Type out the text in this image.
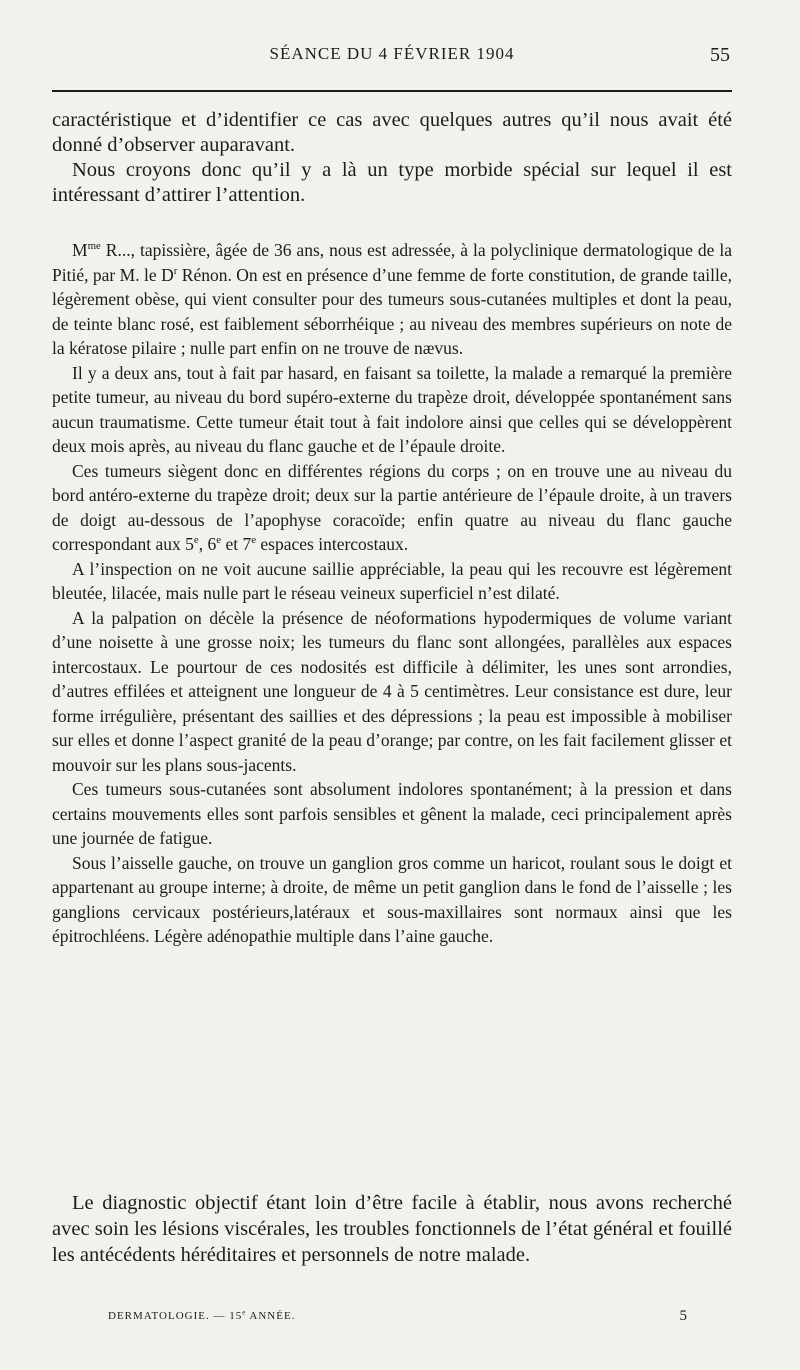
SÉANCE DU 4 FÉVRIER 1904	55

caractéristique et d’identifier ce cas avec quelques autres qu’il nous avait été donné d’observer auparavant.

Nous croyons donc qu’il y a là un type morbide spécial sur lequel il est intéressant d’attirer l’attention.

$M^{me}$ R..., tapissière, âgée de 36 ans, nous est adressée, à la polyclinique dermatologique de la Pitié, par M. le $D^r$ Rénon. On est en présence d’une femme de forte constitution, de grande taille, légèrement obèse, qui vient consulter pour des tumeurs sous-cutanées multiples et dont la peau, de teinte blanc rosé, est faiblement séborrhéique ; au niveau des membres supérieurs on note de la kératose pilaire ; nulle part enfin on ne trouve de nævus.

Il y a deux ans, tout à fait par hasard, en faisant sa toilette, la malade a remarqué la première petite tumeur, au niveau du bord supéro-externe du trapèze droit, développée spontanément sans aucun traumatisme. Cette tumeur était tout à fait indolore ainsi que celles qui se développèrent deux mois après, au niveau du flanc gauche et de l’épaule droite.

Ces tumeurs siègent donc en différentes régions du corps ; on en trouve une au niveau du bord antéro-externe du trapèze droit; deux sur la partie antérieure de l’épaule droite, à un travers de doigt au-dessous de l’apophyse coracoïde; enfin quatre au niveau du flanc gauche correspondant aux 5e, 6e et 7e espaces intercostaux.

A l’inspection on ne voit aucune saillie appréciable, la peau qui les recouvre est légèrement bleutée, lilacée, mais nulle part le réseau veineux superficiel n’est dilaté.

A la palpation on décèle la présence de néoformations hypodermiques de volume variant d’une noisette à une grosse noix; les tumeurs du flanc sont allongées, parallèles aux espaces intercostaux. Le pourtour de ces nodosités est difficile à délimiter, les unes sont arrondies, d’autres effilées et atteignent une longueur de 4 à 5 centimètres. Leur consistance est dure, leur forme irrégulière, présentant des saillies et des dépressions ; la peau est impossible à mobiliser sur elles et donne l’aspect granité de la peau d’orange; par contre, on les fait facilement glisser et mouvoir sur les plans sous-jacents.

Ces tumeurs sous-cutanées sont absolument indolores spontanément; à la pression et dans certains mouvements elles sont parfois sensibles et gênent la malade, ceci principalement après une journée de fatigue.

Sous l’aisselle gauche, on trouve un ganglion gros comme un haricot, roulant sous le doigt et appartenant au groupe interne; à droite, de même un petit ganglion dans le fond de l’aisselle ; les ganglions cervicaux postérieurs,latéraux et sous-maxillaires sont normaux ainsi que les épitrochléens. Légère adénopathie multiple dans l’aine gauche.

Le diagnostic objectif étant loin d’être facile à établir, nous avons recherché avec soin les lésions viscérales, les troubles fonctionnels de l’état général et fouillé les antécédents héréditaires et personnels de notre malade.

DERMATOLOGIE. — 15e ANNÉE.	5
